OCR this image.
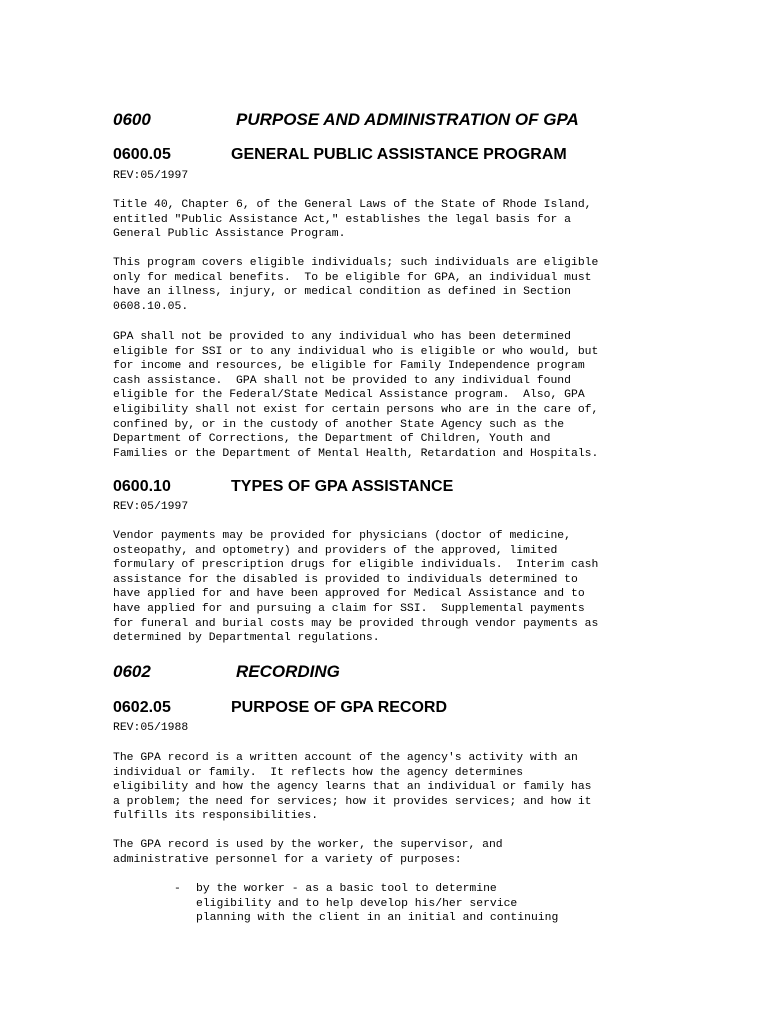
0600	PURPOSE AND ADMINISTRATION OF GPA
0600.05	GENERAL PUBLIC ASSISTANCE PROGRAM

REV:05/1997

Title 40, Chapter 6, of the General Laws of the State of Rhode Island,
entitled "Public Assistance Act," establishes the legal basis for a
General Public Assistance Program.

This program covers eligible individuals; such individuals are eligible
only for medical benefits.  To be eligible for GPA, an individual must
have an illness, injury, or medical condition as defined in Section
0608.10.05.

GPA shall not be provided to any individual who has been determined
eligible for SSI or to any individual who is eligible or who would, but
for income and resources, be eligible for Family Independence program
cash assistance.  GPA shall not be provided to any individual found
eligible for the Federal/State Medical Assistance program.  Also, GPA
eligibility shall not exist for certain persons who are in the care of,
confined by, or in the custody of another State Agency such as the
Department of Corrections, the Department of Children, Youth and
Families or the Department of Mental Health, Retardation and Hospitals.

0600.10	TYPES OF GPA ASSISTANCE

REV:05/1997

Vendor payments may be provided for physicians (doctor of medicine,
osteopathy, and optometry) and providers of the approved, limited
formulary of prescription drugs for eligible individuals.  Interim cash
assistance for the disabled is provided to individuals determined to
have applied for and have been approved for Medical Assistance and to
have applied for and pursuing a claim for SSI.  Supplemental payments
for funeral and burial costs may be provided through vendor payments as
determined by Departmental regulations.

0602	RECORDING
0602.05	PURPOSE OF GPA RECORD

REV:05/1988

The GPA record is a written account of the agency's activity with an
individual or family.  It reflects how the agency determines
eligibility and how the agency learns that an individual or family has
a problem; the need for services; how it provides services; and how it
fulfills its responsibilities.

The GPA record is used by the worker, the supervisor, and
administrative personnel for a variety of purposes:

- by the worker - as a basic tool to determine
eligibility and to help develop his/her service
planning with the client in an initial and continuing
